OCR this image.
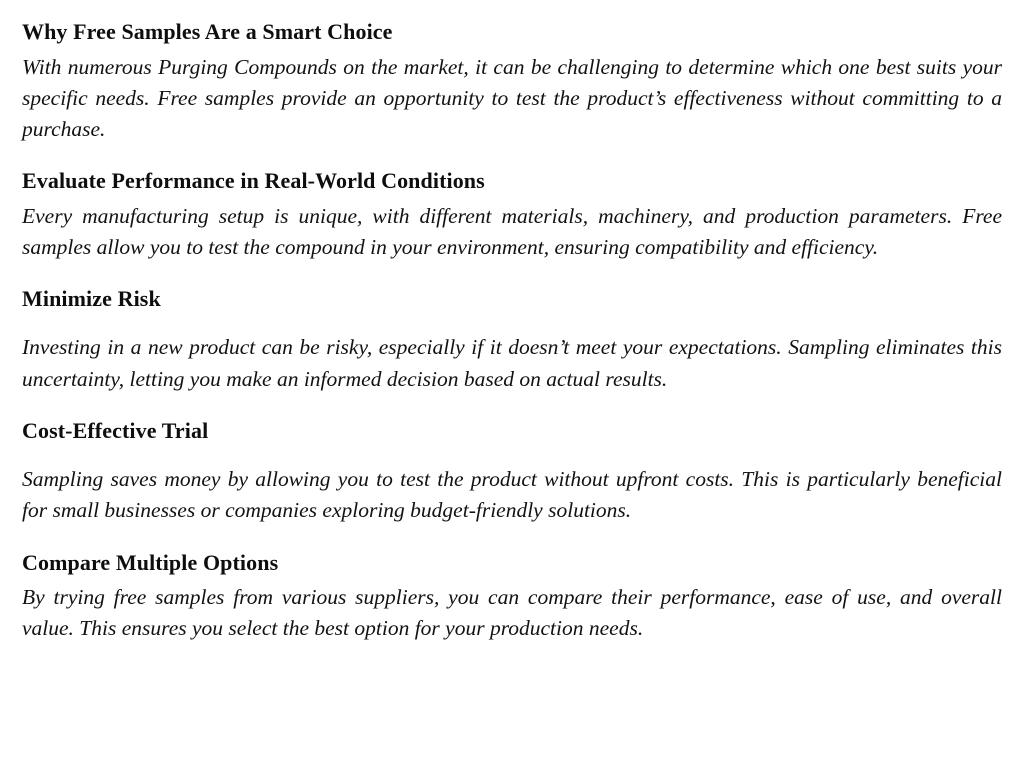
Why Free Samples Are a Smart Choice

With numerous Purging Compounds on the market, it can be challenging to determine which one best suits your specific needs. Free samples provide an opportunity to test the product’s effectiveness without committing to a purchase.

Evaluate Performance in Real-World Conditions

Every manufacturing setup is unique, with different materials, machinery, and production parameters. Free samples allow you to test the compound in your environment, ensuring compatibility and efficiency.

Minimize Risk

Investing in a new product can be risky, especially if it doesn’t meet your expectations. Sampling eliminates this uncertainty, letting you make an informed decision based on actual results.

Cost-Effective Trial

Sampling saves money by allowing you to test the product without upfront costs. This is particularly beneficial for small businesses or companies exploring budget-friendly solutions.

Compare Multiple Options

By trying free samples from various suppliers, you can compare their performance, ease of use, and overall value. This ensures you select the best option for your production needs.
